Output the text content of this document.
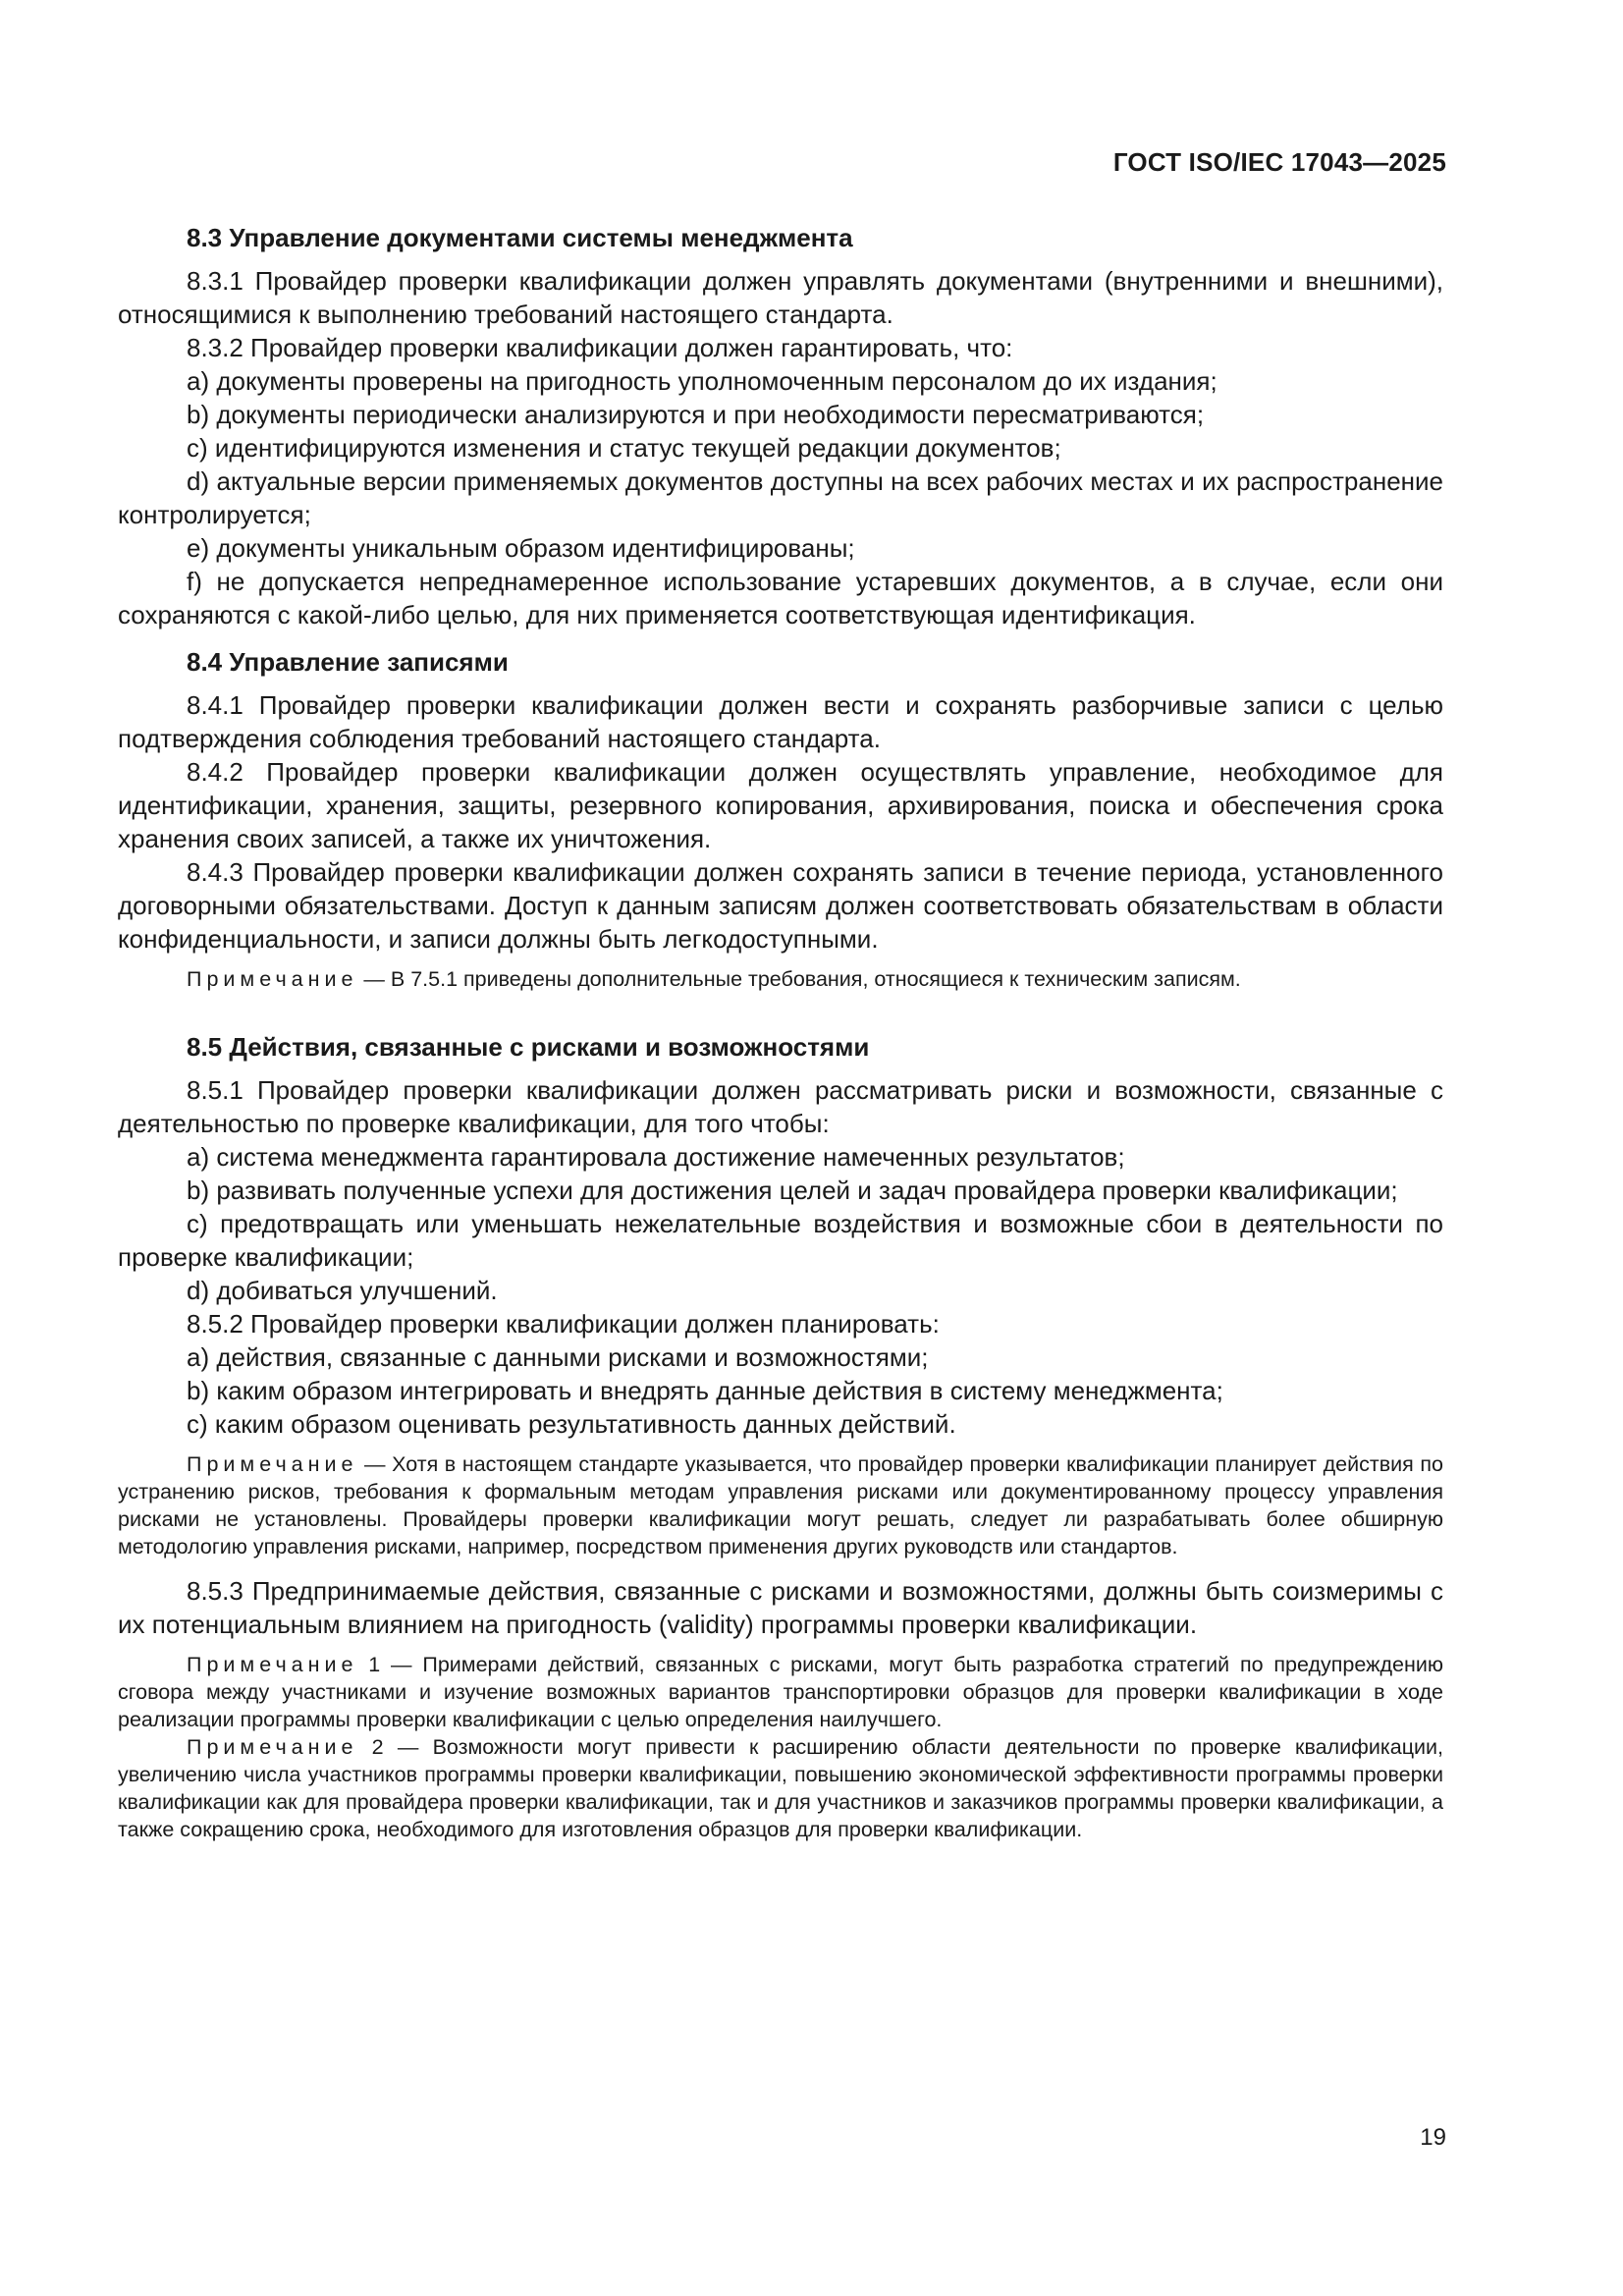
ГОСТ ISO/IEC 17043—2025

8.3 Управление документами системы менеджмента

8.3.1 Провайдер проверки квалификации должен управлять документами (внутренними и внешними), относящимися к выполнению требований настоящего стандарта.

8.3.2 Провайдер проверки квалификации должен гарантировать, что:

а) документы проверены на пригодность уполномоченным персоналом до их издания;

b) документы периодически анализируются и при необходимости пересматриваются;

c) идентифицируются изменения и статус текущей редакции документов;

d) актуальные версии применяемых документов доступны на всех рабочих местах и их распространение контролируется;

e) документы уникальным образом идентифицированы;

f) не допускается непреднамеренное использование устаревших документов, а в случае, если они сохраняются с какой-либо целью, для них применяется соответствующая идентификация.

8.4 Управление записями

8.4.1 Провайдер проверки квалификации должен вести и сохранять разборчивые записи с целью подтверждения соблюдения требований настоящего стандарта.

8.4.2 Провайдер проверки квалификации должен осуществлять управление, необходимое для идентификации, хранения, защиты, резервного копирования, архивирования, поиска и обеспечения срока хранения своих записей, а также их уничтожения.

8.4.3 Провайдер проверки квалификации должен сохранять записи в течение периода, установленного договорными обязательствами. Доступ к данным записям должен соответствовать обязательствам в области конфиденциальности, и записи должны быть легкодоступными.

Примечание — В 7.5.1 приведены дополнительные требования, относящиеся к техническим записям.

8.5 Действия, связанные с рисками и возможностями

8.5.1 Провайдер проверки квалификации должен рассматривать риски и возможности, связанные с деятельностью по проверке квалификации, для того чтобы:

а) система менеджмента гарантировала достижение намеченных результатов;

b) развивать полученные успехи для достижения целей и задач провайдера проверки квалификации;

c) предотвращать или уменьшать нежелательные воздействия и возможные сбои в деятельности по проверке квалификации;

d) добиваться улучшений.

8.5.2 Провайдер проверки квалификации должен планировать:

а) действия, связанные с данными рисками и возможностями;

b) каким образом интегрировать и внедрять данные действия в систему менеджмента;

c) каким образом оценивать результативность данных действий.

Примечание — Хотя в настоящем стандарте указывается, что провайдер проверки квалификации планирует действия по устранению рисков, требования к формальным методам управления рисками или документированному процессу управления рисками не установлены. Провайдеры проверки квалификации могут решать, следует ли разрабатывать более обширную методологию управления рисками, например, посредством применения других руководств или стандартов.

8.5.3 Предпринимаемые действия, связанные с рисками и возможностями, должны быть соизмеримы с их потенциальным влиянием на пригодность (validity) программы проверки квалификации.

Примечание 1 — Примерами действий, связанных с рисками, могут быть разработка стратегий по предупреждению сговора между участниками и изучение возможных вариантов транспортировки образцов для проверки квалификации в ходе реализации программы проверки квалификации с целью определения наилучшего.

Примечание 2 — Возможности могут привести к расширению области деятельности по проверке квалификации, увеличению числа участников программы проверки квалификации, повышению экономической эффективности программы проверки квалификации как для провайдера проверки квалификации, так и для участников и заказчиков программы проверки квалификации, а также сокращению срока, необходимого для изготовления образцов для проверки квалификации.

19
